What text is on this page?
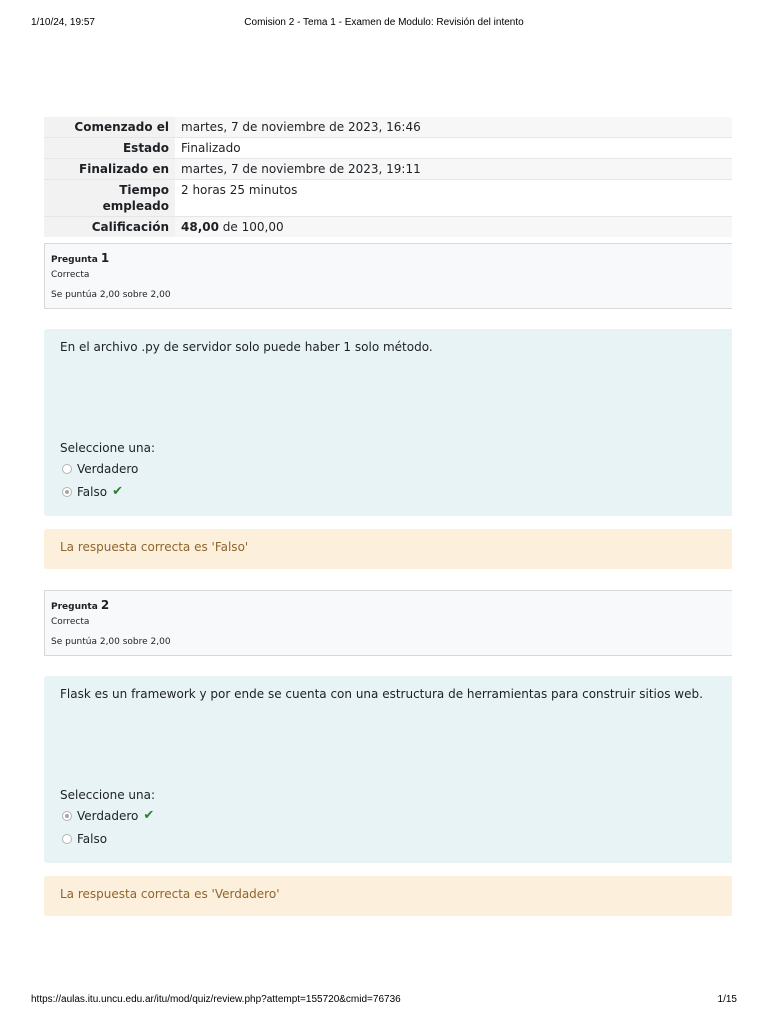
1/10/24, 19:57	Comision 2 - Tema 1 - Examen de Modulo: Revisión del intento
Comenzado el	martes, 7 de noviembre de 2023, 16:46
Estado	Finalizado
Finalizado en	martes, 7 de noviembre de 2023, 19:11
Tiempo empleado	2 horas 25 minutos
Calificación	48,00 de 100,00
Pregunta 1
Correcta
Se puntúa 2,00 sobre 2,00
En el archivo .py de servidor solo puede haber 1 solo método.
Seleccione una:
Verdadero
Falso ✔
La respuesta correcta es 'Falso'
Pregunta 2
Correcta
Se puntúa 2,00 sobre 2,00
Flask es un framework y por ende se cuenta con una estructura de herramientas para construir sitios web.
Seleccione una:
Verdadero ✔
Falso
La respuesta correcta es 'Verdadero'
https://aulas.itu.uncu.edu.ar/itu/mod/quiz/review.php?attempt=155720&cmid=76736	1/15
